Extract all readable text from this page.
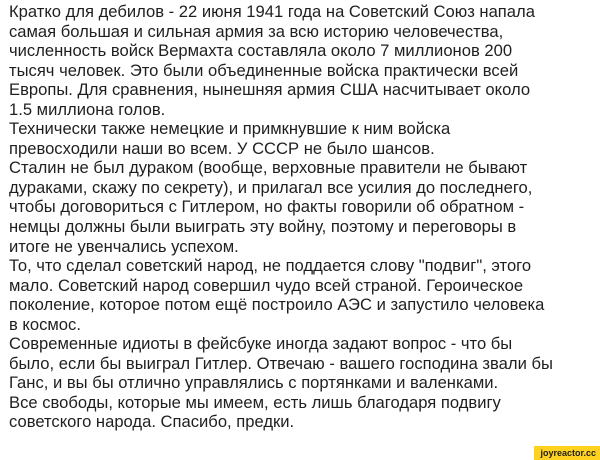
Кратко для дебилов - 22 июня 1941 года на Советский Союз напала
самая большая и сильная армия за всю историю человечества,
численность войск Вермахта составляла около 7 миллионов 200
тысяч человек. Это были объединенные войска практически всей
Европы. Для сравнения, нынешняя армия США насчитывает около
1.5 миллиона голов.
Технически также немецкие и примкнувшие к ним войска
превосходили наши во всем. У СССР не было шансов.
Сталин не был дураком (вообще, верховные правители не бывают
дураками, скажу по секрету), и прилагал все усилия до последнего,
чтобы договориться с Гитлером, но факты говорили об обратном -
немцы должны были выиграть эту войну, поэтому и переговоры в
итоге не увенчались успехом.
То, что сделал советский народ, не поддается слову "подвиг", этого
мало. Советский народ совершил чудо всей страной. Героическое
поколение, которое потом ещё построило АЭС и запустило человека
в космос.
Современные идиоты в фейсбуке иногда задают вопрос - что бы
было, если бы выиграл Гитлер. Отвечаю - вашего господина звали бы
Ганс, и вы бы отлично управлялись с портянками и валенками.
Все свободы, которые мы имеем, есть лишь благодаря подвигу
советского народа. Спасибо, предки.
joyreactor.cc
